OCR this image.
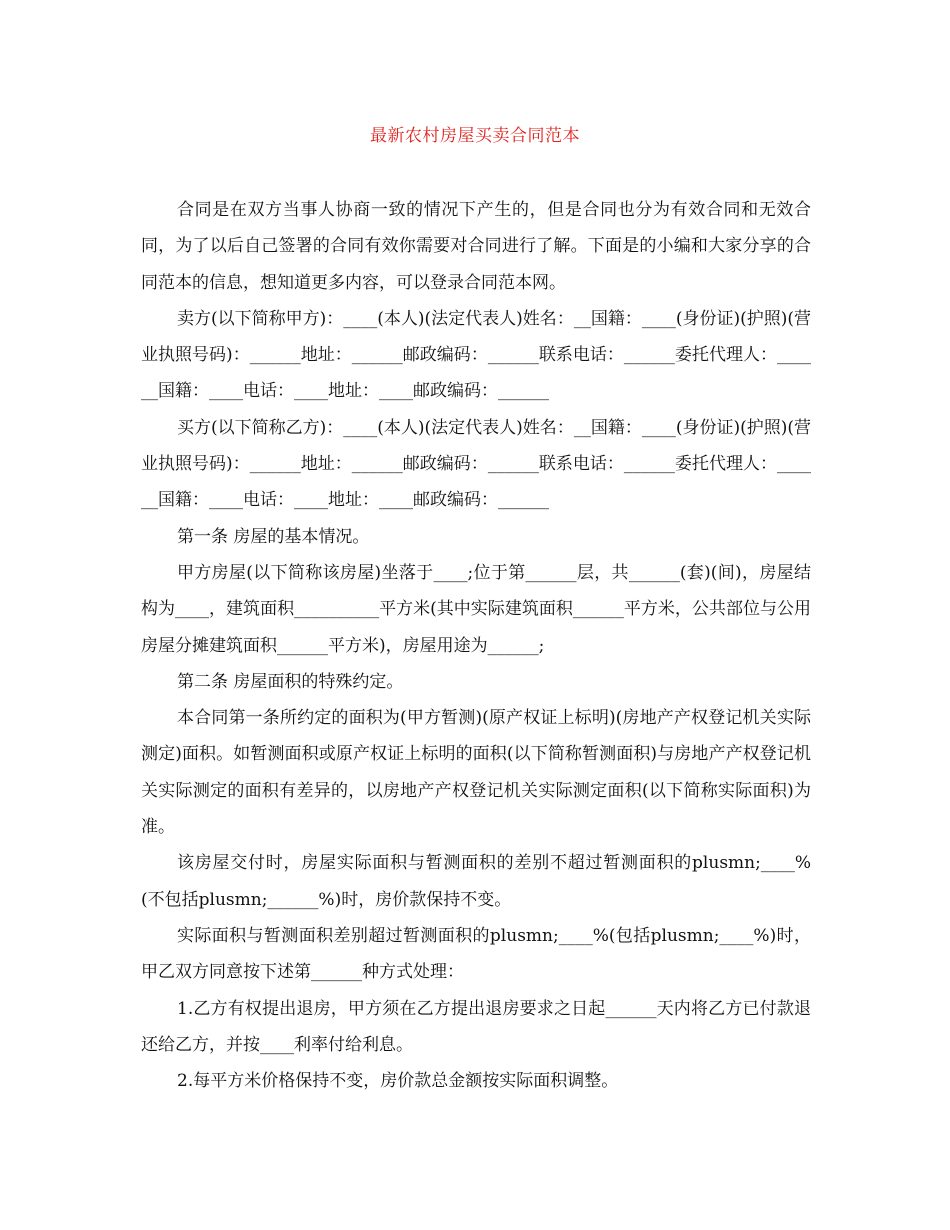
最新农村房屋买卖合同范本

合同是在双方当事人协商一致的情况下产生的，但是合同也分为有效合同和无效合同，为了以后自己签署的合同有效你需要对合同进行了解。下面是的小编和大家分享的合同范本的信息，想知道更多内容，可以登录合同范本网。

卖方(以下简称甲方)：____(本人)(法定代表人)姓名：__国籍：____(身份证)(护照)(营业执照号码)：______地址：______邮政编码：______联系电话：______委托代理人：______国籍：____电话：____地址：____邮政编码：______

买方(以下简称乙方)：____(本人)(法定代表人)姓名：__国籍：____(身份证)(护照)(营业执照号码)：______地址：______邮政编码：______联系电话：______委托代理人：______国籍：____电话：____地址：____邮政编码：______

第一条 房屋的基本情况。

甲方房屋(以下简称该房屋)坐落于____;位于第______层，共______(套)(间)，房屋结构为____，建筑面积__________平方米(其中实际建筑面积______平方米，公共部位与公用房屋分摊建筑面积______平方米)，房屋用途为______;

第二条 房屋面积的特殊约定。

本合同第一条所约定的面积为(甲方暂测)(原产权证上标明)(房地产产权登记机关实际测定)面积。如暂测面积或原产权证上标明的面积(以下简称暂测面积)与房地产产权登记机关实际测定的面积有差异的，以房地产产权登记机关实际测定面积(以下简称实际面积)为准。

该房屋交付时，房屋实际面积与暂测面积的差别不超过暂测面积的plusmn;____%(不包括plusmn;______%)时，房价款保持不变。

实际面积与暂测面积差别超过暂测面积的plusmn;____%(包括plusmn;____%)时，甲乙双方同意按下述第______种方式处理：

1.乙方有权提出退房，甲方须在乙方提出退房要求之日起______天内将乙方已付款退还给乙方，并按____利率付给利息。

2.每平方米价格保持不变，房价款总金额按实际面积调整。
